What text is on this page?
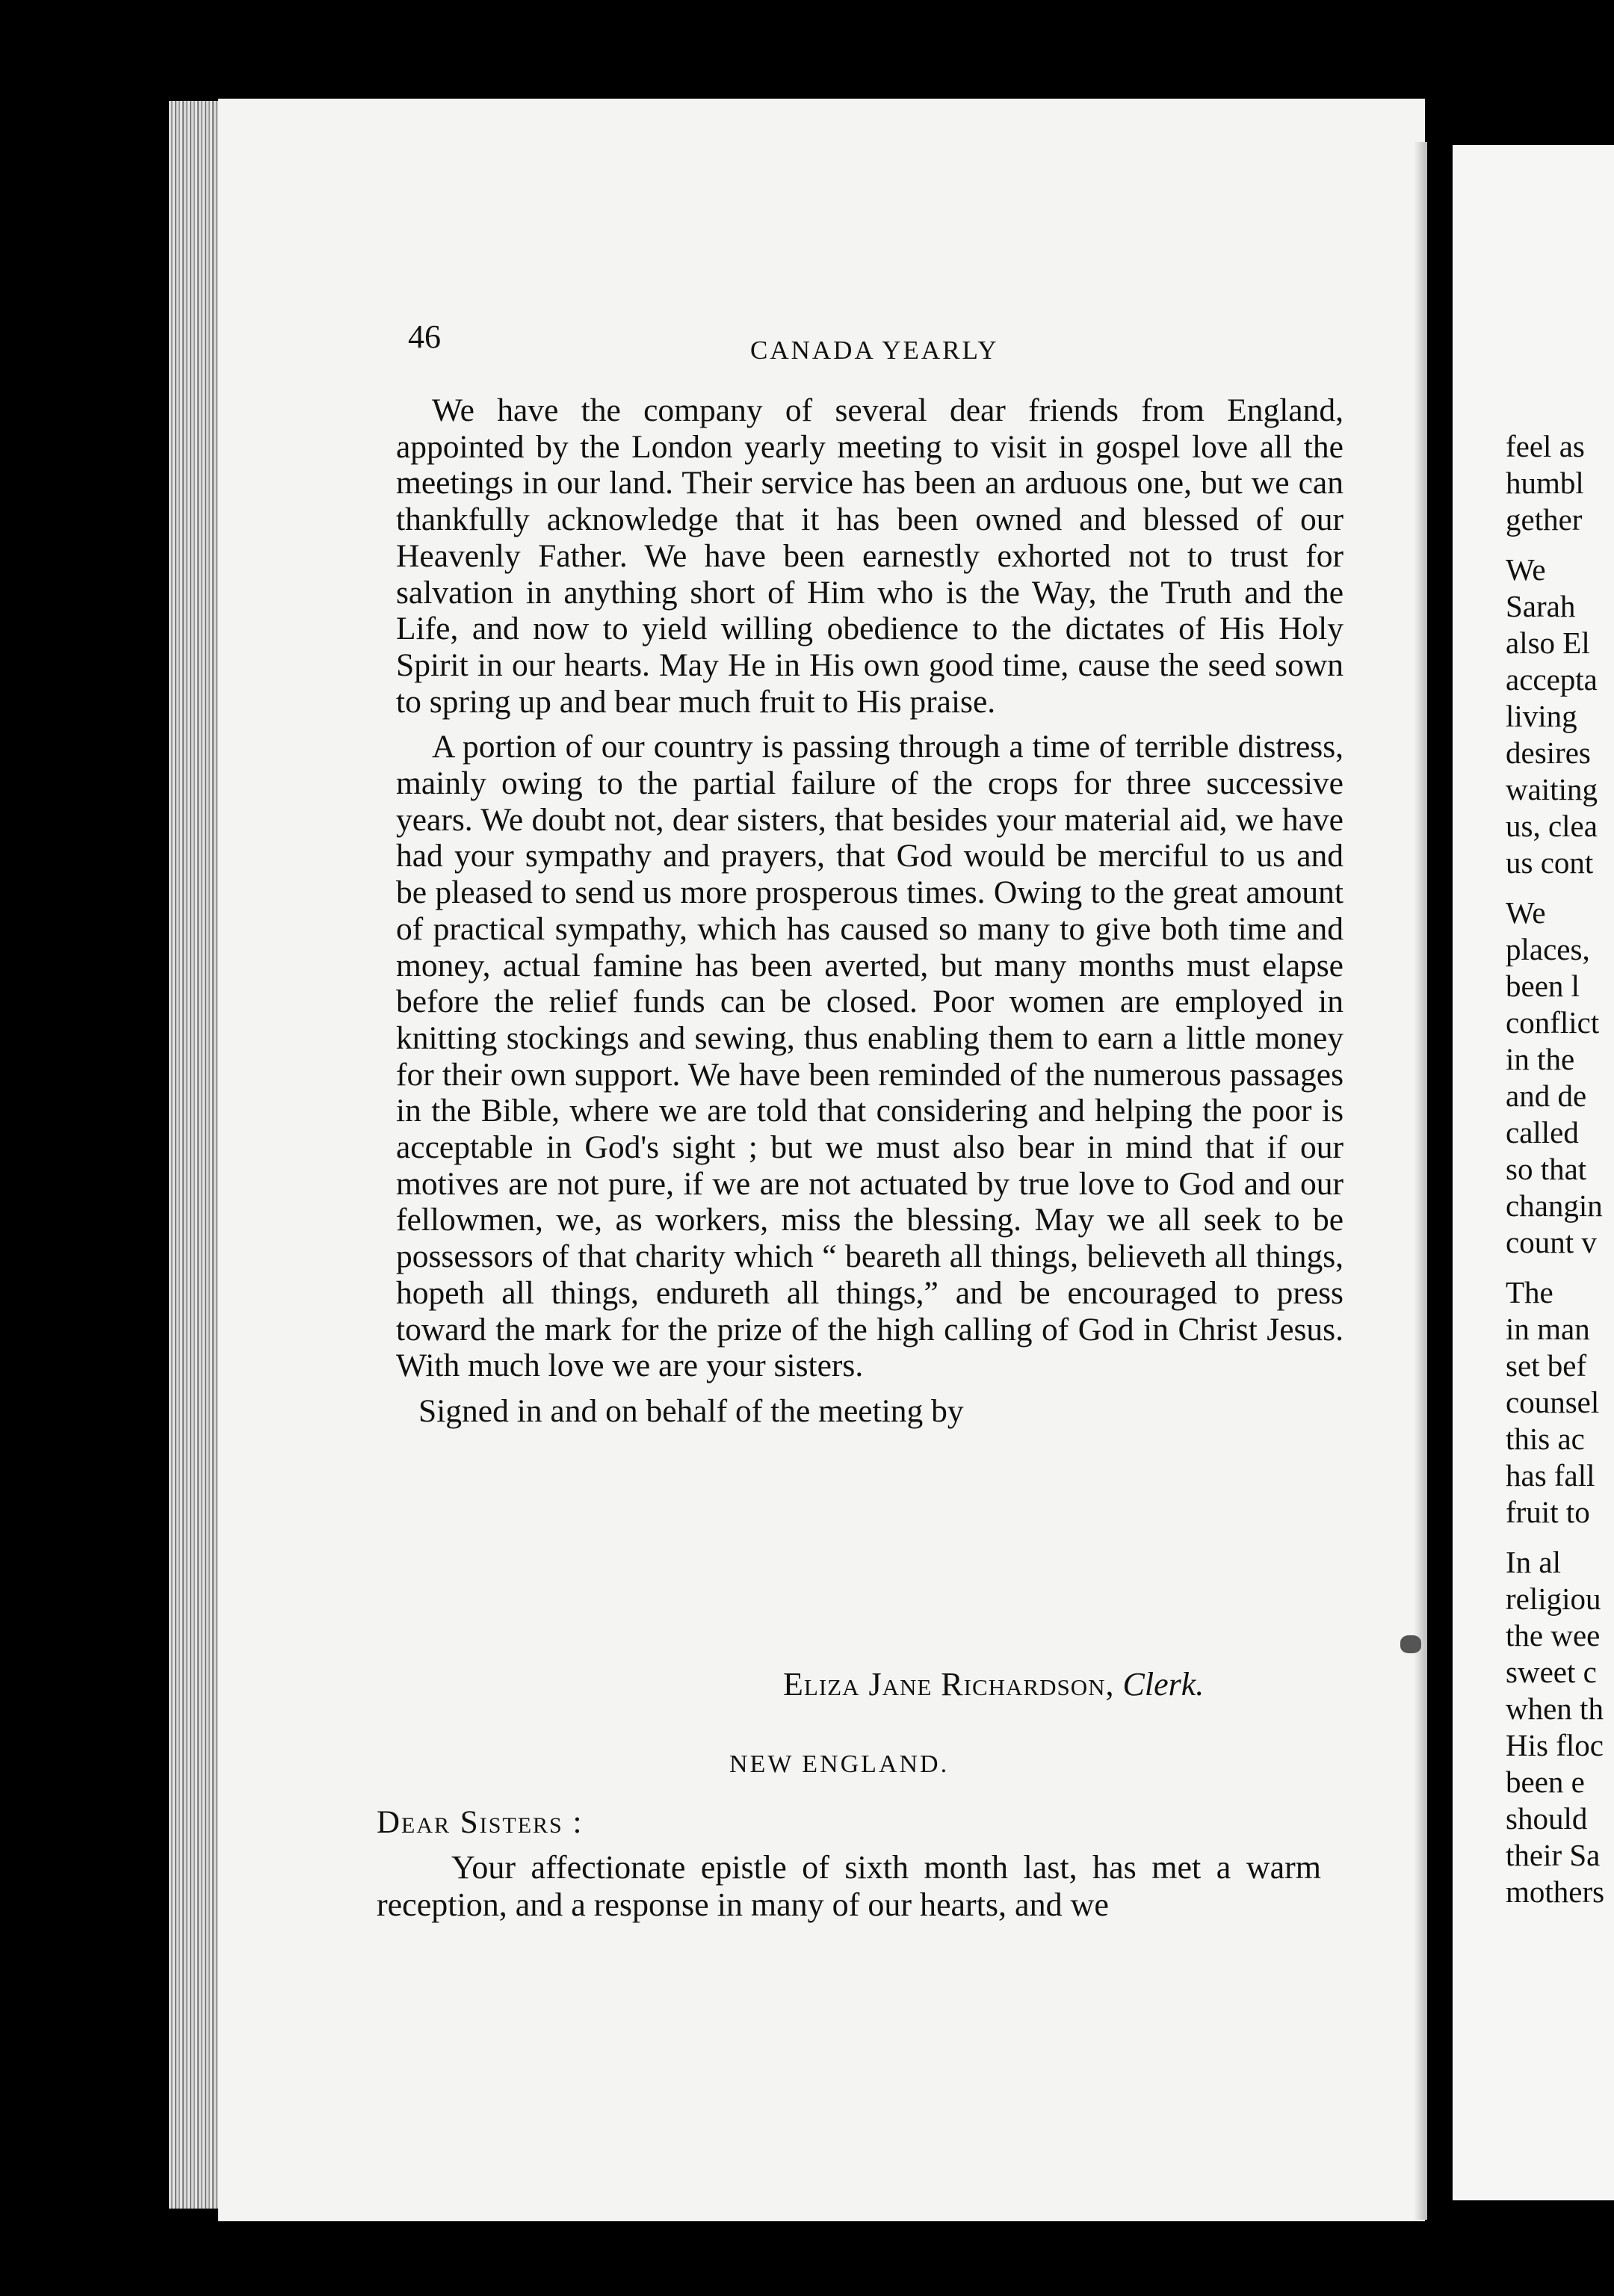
46	CANADA YEARLY

We have the company of several dear friends from England, appointed by the London yearly meeting to visit in gospel love all the meetings in our land. Their service has been an arduous one, but we can thankfully acknowledge that it has been owned and blessed of our Heavenly Father. We have been earnestly exhorted not to trust for salvation in anything short of Him who is the Way, the Truth and the Life, and now to yield willing obedience to the dictates of His Holy Spirit in our hearts. May He in His own good time, cause the seed sown to spring up and bear much fruit to His praise.

A portion of our country is passing through a time of terrible distress, mainly owing to the partial failure of the crops for three successive years. We doubt not, dear sisters, that besides your material aid, we have had your sympathy and prayers, that God would be merciful to us and be pleased to send us more prosperous times. Owing to the great amount of practical sympathy, which has caused so many to give both time and money, actual famine has been averted, but many months must elapse before the relief funds can be closed. Poor women are employed in knitting stockings and sewing, thus enabling them to earn a little money for their own support. We have been reminded of the numerous passages in the Bible, where we are told that considering and helping the poor is acceptable in God's sight ; but we must also bear in mind that if our motives are not pure, if we are not actuated by true love to God and our fellowmen, we, as workers, miss the blessing. May we all seek to be possessors of that charity which “ beareth all things, believeth all things, hopeth all things, endureth all things,” and be encouraged to press toward the mark for the prize of the high calling of God in Christ Jesus. With much love we are your sisters.

Signed in and on behalf of the meeting by

Eliza Jane Richardson, Clerk.
NEW ENGLAND.
Dear Sisters :

Your affectionate epistle of sixth month last, has met a warm reception, and a response in many of our hearts, and we

feel as
humbl
gether
We
Sarah
also El
accepta
living
desires
waiting
us, clea
us cont
We
places,
been l
conflict
in the
and de
called
so that
changin
count v
The
in man
set bef
counsel
this ac
has fall
fruit to
In al
religiou
the wee
sweet c
when th
His floc
been e
should
their Sa
mothers
